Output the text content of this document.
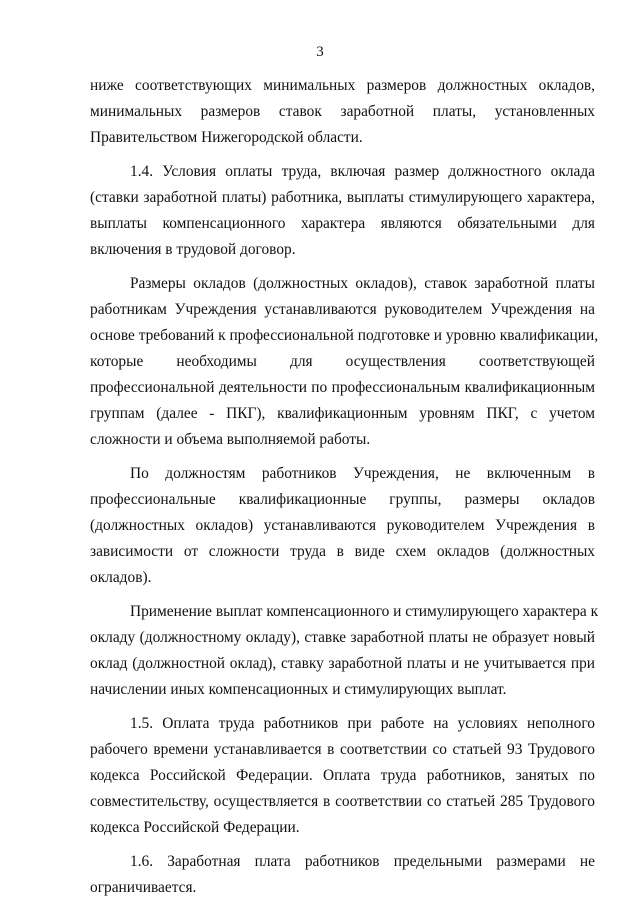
3
ниже соответствующих минимальных размеров должностных окладов,
минимальных размеров ставок заработной платы, установленных
Правительством Нижегородской области.
1.4. Условия оплаты труда, включая размер должностного оклада
(ставки заработной платы) работника, выплаты стимулирующего характера,
выплаты компенсационного характера являются обязательными для
включения в трудовой договор.
Размеры окладов (должностных окладов), ставок заработной платы
работникам Учреждения устанавливаются руководителем Учреждения на
основе требований к профессиональной подготовке и уровню квалификации,
которые необходимы для осуществления соответствующей
профессиональной деятельности по профессиональным квалификационным
группам (далее - ПКГ), квалификационным уровням ПКГ, с учетом
сложности и объема выполняемой работы.
По должностям работников Учреждения, не включенным в
профессиональные квалификационные группы, размеры окладов
(должностных окладов) устанавливаются руководителем Учреждения в
зависимости от сложности труда в виде схем окладов (должностных
окладов).
Применение выплат компенсационного и стимулирующего характера к
окладу (должностному окладу), ставке заработной платы не образует новый
оклад (должностной оклад), ставку заработной платы и не учитывается при
начислении иных компенсационных и стимулирующих выплат.
1.5. Оплата труда работников при работе на условиях неполного
рабочего времени устанавливается в соответствии со статьей 93 Трудового
кодекса Российской Федерации. Оплата труда работников, занятых по
совместительству, осуществляется в соответствии со статьей 285 Трудового
кодекса Российской Федерации.
1.6. Заработная плата работников предельными размерами не
ограничивается.
